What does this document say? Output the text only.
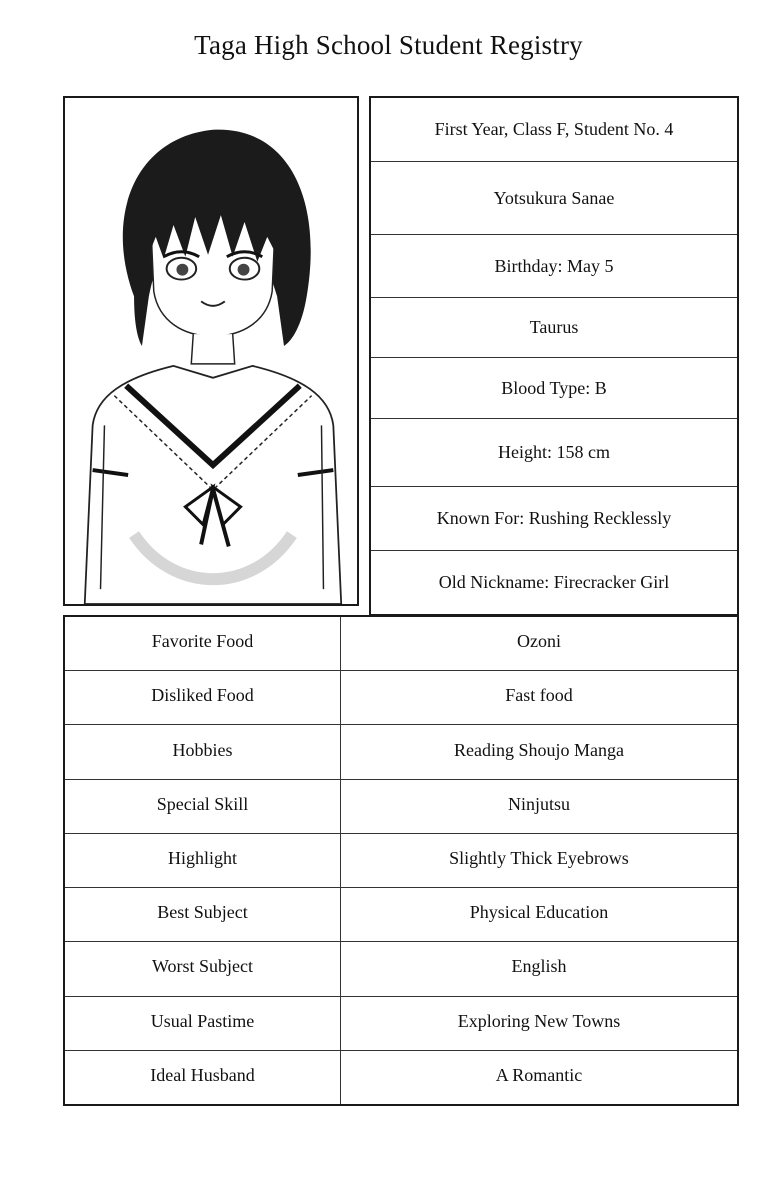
Taga High School Student Registry
First Year, Class F, Student No. 4
Yotsukura Sanae
Birthday: May 5
Taurus
Blood Type: B
Height: 158 cm
Known For: Rushing Recklessly
Old Nickname: Firecracker Girl
Favorite Food	Ozoni
Disliked Food	Fast food
Hobbies	Reading Shoujo Manga
Special Skill	Ninjutsu
Highlight	Slightly Thick Eyebrows
Best Subject	Physical Education
Worst Subject	English
Usual Pastime	Exploring New Towns
Ideal Husband	A Romantic
